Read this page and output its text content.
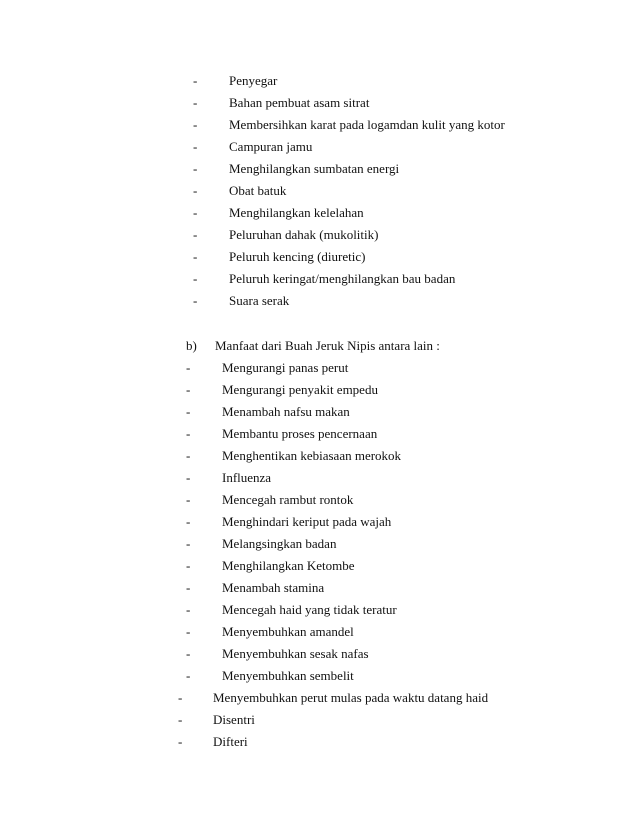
- Penyegar
- Bahan pembuat asam sitrat
- Membersihkan karat pada logamdan kulit yang kotor
- Campuran jamu
- Menghilangkan sumbatan energi
- Obat batuk
- Menghilangkan kelelahan
- Peluruhan dahak (mukolitik)
- Peluruh kencing (diuretic)
- Peluruh keringat/menghilangkan bau badan
- Suara serak
b) Manfaat dari Buah Jeruk Nipis antara lain :
- Mengurangi panas perut
- Mengurangi penyakit empedu
- Menambah nafsu makan
- Membantu proses pencernaan
- Menghentikan kebiasaan merokok
- Influenza
- Mencegah rambut rontok
- Menghindari keriput pada wajah
- Melangsingkan badan
- Menghilangkan Ketombe
- Menambah stamina
- Mencegah haid yang tidak teratur
- Menyembuhkan amandel
- Menyembuhkan sesak nafas
- Menyembuhkan sembelit
- Menyembuhkan perut mulas pada waktu datang haid
- Disentri
- Difteri
